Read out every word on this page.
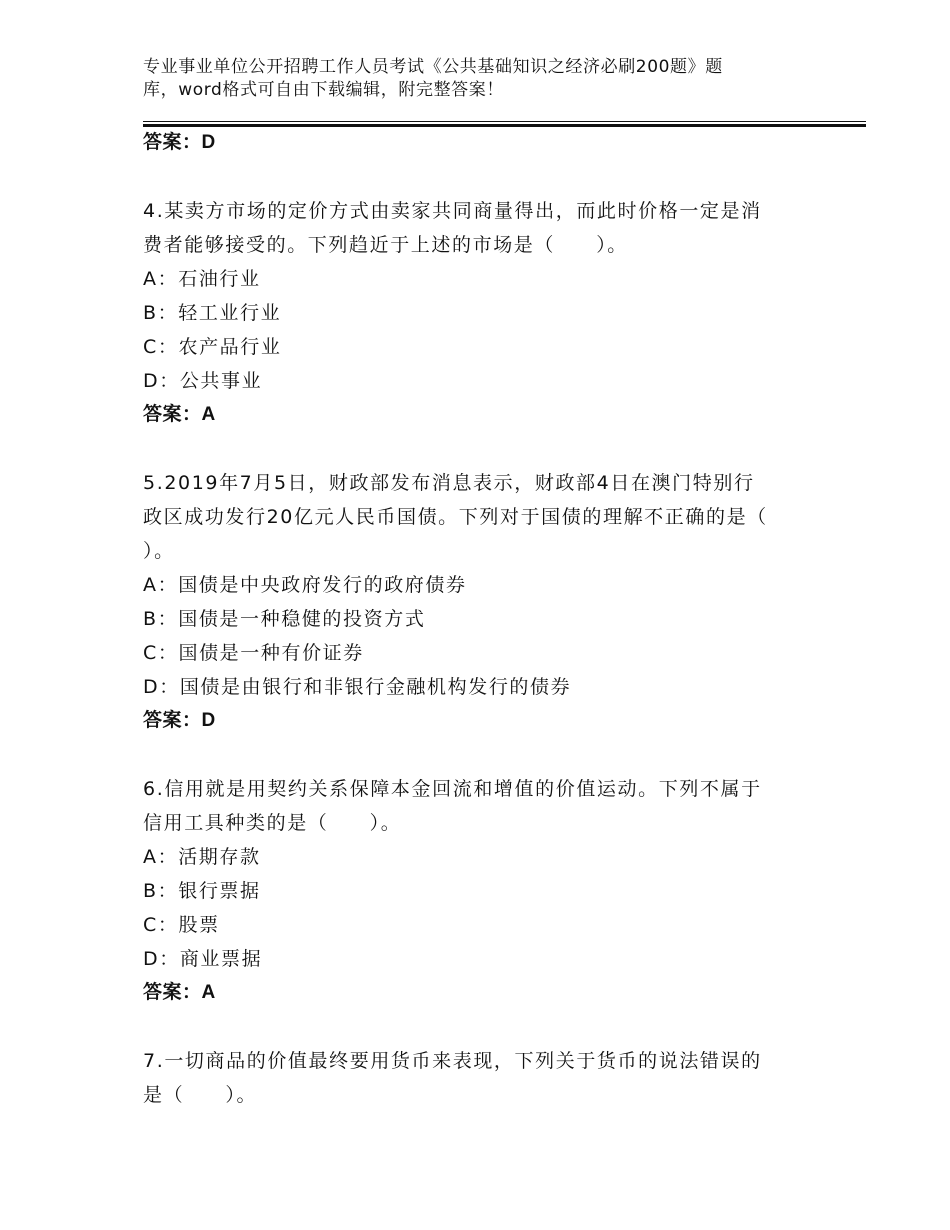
专业事业单位公开招聘工作人员考试《公共基础知识之经济必刷200题》题

库，word格式可自由下载编辑，附完整答案！

答案：D
4.某卖方市场的定价方式由卖家共同商量得出，而此时价格一定是消
费者能够接受的。下列趋近于上述的市场是（　　）。
A：石油行业
B：轻工业行业
C：农产品行业
D：公共事业
答案：A
5.2019年7月5日，财政部发布消息表示，财政部4日在澳门特别行
政区成功发行20亿元人民币国债。下列对于国债的理解不正确的是（
）。
A：国债是中央政府发行的政府债券
B：国债是一种稳健的投资方式
C：国债是一种有价证券
D：国债是由银行和非银行金融机构发行的债券
答案：D
6.信用就是用契约关系保障本金回流和增值的价值运动。下列不属于
信用工具种类的是（　　）。
A：活期存款
B：银行票据
C：股票
D：商业票据
答案：A
7.一切商品的价值最终要用货币来表现，下列关于货币的说法错误的
是（　　）。
